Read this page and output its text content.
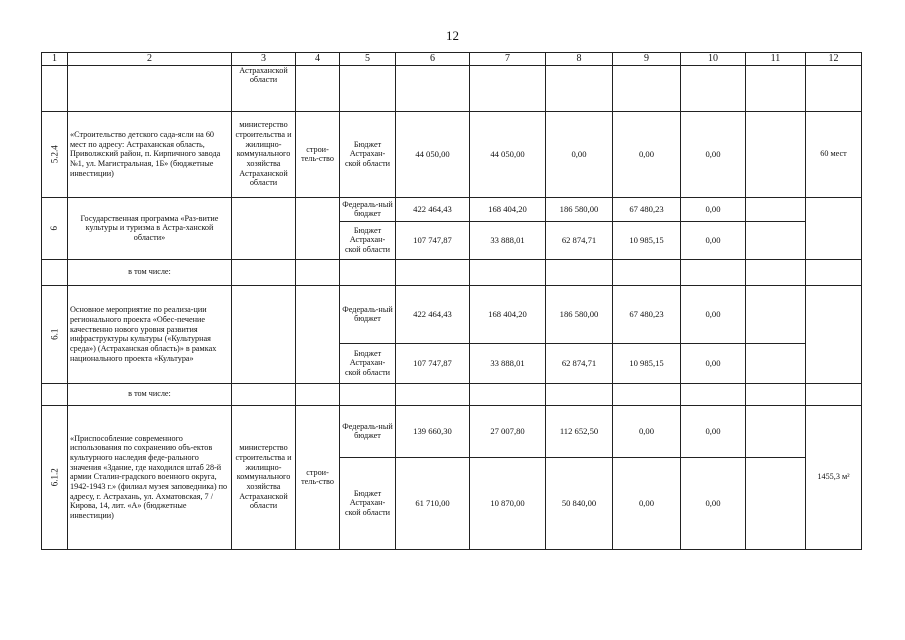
12
1	2	3	4	5	6	7	8	9	10	11	12
		Астраханской области									
5.2.4	«Строительство детского сада-ясли на 60 мест по адресу: Астраханская область, Приволжский район, п. Кирпичного завода №1, ул. Магистральная, 1Б» (бюджетные инвестиции)	министерство строительства и жилищно-коммунального хозяйства Астраханской области	строи-тель-ство	Бюджет Астрахан-ской области	44 050,00	44 050,00	0,00	0,00	0,00		60 мест
6	Государственная программа «Раз-витие культуры и туризма в Астра-ханской области»			Федераль-ный бюджет	422 464,43	168 404,20	186 580,00	67 480,23	0,00		
				Бюджет Астрахан-ской области	107 747,87	33 888,01	62 874,71	10 985,15	0,00		
	в том числе:										
6.1	Основное мероприятие по реализа-ции регионального проекта «Обес-печение качественно нового уровня развития инфраструктуры культуры («Культурная среда») (Астраханская область)» в рамках национального проекта «Культура»			Федераль-ный бюджет	422 464,43	168 404,20	186 580,00	67 480,23	0,00		
				Бюджет Астрахан-ской области	107 747,87	33 888,01	62 874,71	10 985,15	0,00		
	в том числе:										
6.1.2	«Приспособление современного использования по сохранению объ-ектов культурного наследия феде-рального значения «Здание, где находился штаб 28-й армии Сталин-градского военного округа, 1942-1943 г.» (филиал музея заповедника) по адресу, г. Астрахань, ул. Ахматовская, 7 / Кирова, 14, лит. «А» (бюджетные инвестиции)	министерство строительства и жилищно-коммунального хозяйства Астраханской области	строи-тель-ство	Федераль-ный бюджет	139 660,30	27 007,80	112 652,50	0,00	0,00		1455,3 м²
				Бюджет Астрахан-ской области	61 710,00	10 870,00	50 840,00	0,00	0,00		
